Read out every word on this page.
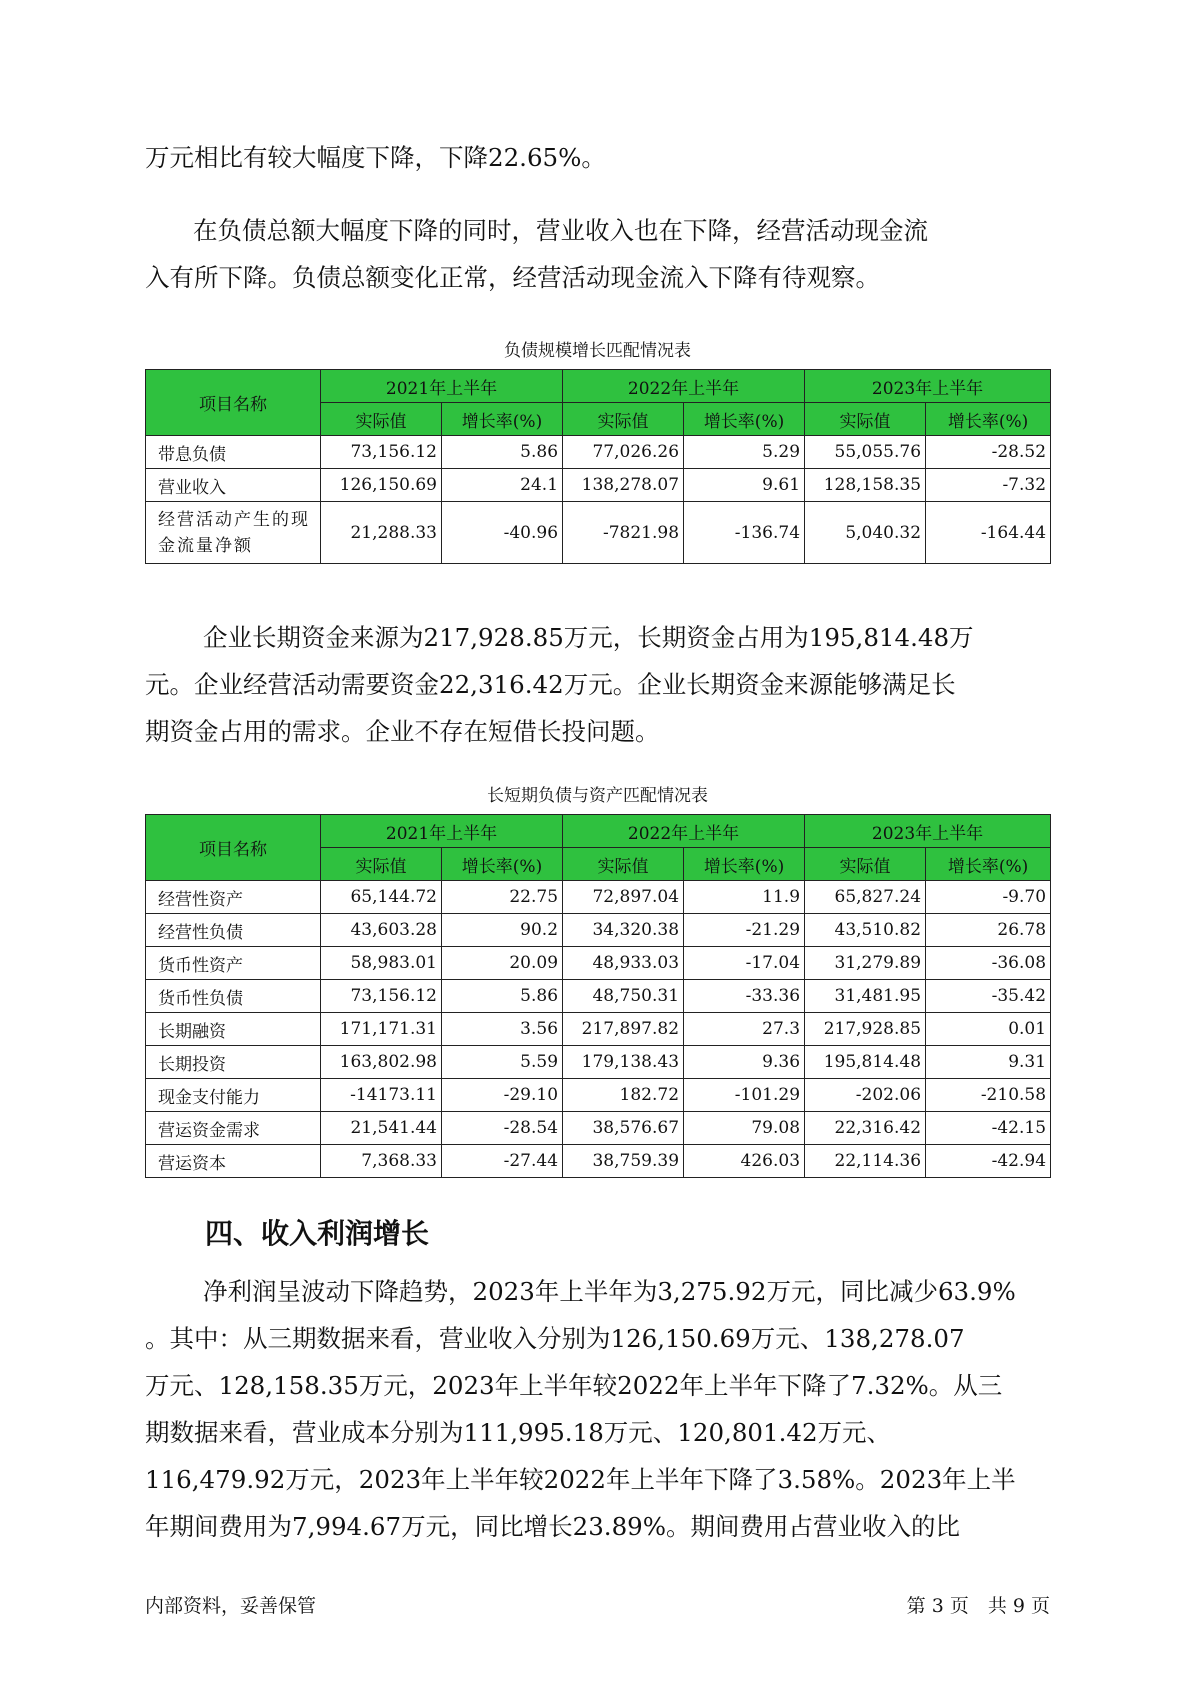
万元相比有较大幅度下降，下降22.65%。
在负债总额大幅度下降的同时，营业收入也在下降，经营活动现金流
入有所下降。负债总额变化正常，经营活动现金流入下降有待观察。
负债规模增长匹配情况表
项目名称	2021年上半年		2022年上半年		2023年上半年	
	实际值	增长率(%)	实际值	增长率(%)	实际值	增长率(%)
带息负债	73,156.12	5.86	77,026.26	5.29	55,055.76	-28.52
营业收入	126,150.69	24.1	138,278.07	9.61	128,158.35	-7.32
经营活动产生的现金流量净额	21,288.33	-40.96	-7821.98	-136.74	5,040.32	-164.44
企业长期资金来源为217,928.85万元，长期资金占用为195,814.48万
元。企业经营活动需要资金22,316.42万元。企业长期资金来源能够满足长
期资金占用的需求。企业不存在短借长投问题。
长短期负债与资产匹配情况表
项目名称	2021年上半年		2022年上半年		2023年上半年	
	实际值	增长率(%)	实际值	增长率(%)	实际值	增长率(%)
经营性资产	65,144.72	22.75	72,897.04	11.9	65,827.24	-9.70
经营性负债	43,603.28	90.2	34,320.38	-21.29	43,510.82	26.78
货币性资产	58,983.01	20.09	48,933.03	-17.04	31,279.89	-36.08
货币性负债	73,156.12	5.86	48,750.31	-33.36	31,481.95	-35.42
长期融资	171,171.31	3.56	217,897.82	27.3	217,928.85	0.01
长期投资	163,802.98	5.59	179,138.43	9.36	195,814.48	9.31
现金支付能力	-14173.11	-29.10	182.72	-101.29	-202.06	-210.58
营运资金需求	21,541.44	-28.54	38,576.67	79.08	22,316.42	-42.15
营运资本	7,368.33	-27.44	38,759.39	426.03	22,114.36	-42.94
四、收入利润增长
净利润呈波动下降趋势，2023年上半年为3,275.92万元，同比减少63.9%
。其中：从三期数据来看，营业收入分别为126,150.69万元、138,278.07
万元、128,158.35万元，2023年上半年较2022年上半年下降了7.32%。从三
期数据来看，营业成本分别为111,995.18万元、120,801.42万元、
116,479.92万元，2023年上半年较2022年上半年下降了3.58%。2023年上半
年期间费用为7,994.67万元，同比增长23.89%。期间费用占营业收入的比
内部资料，妥善保管	第 3 页　共 9 页
